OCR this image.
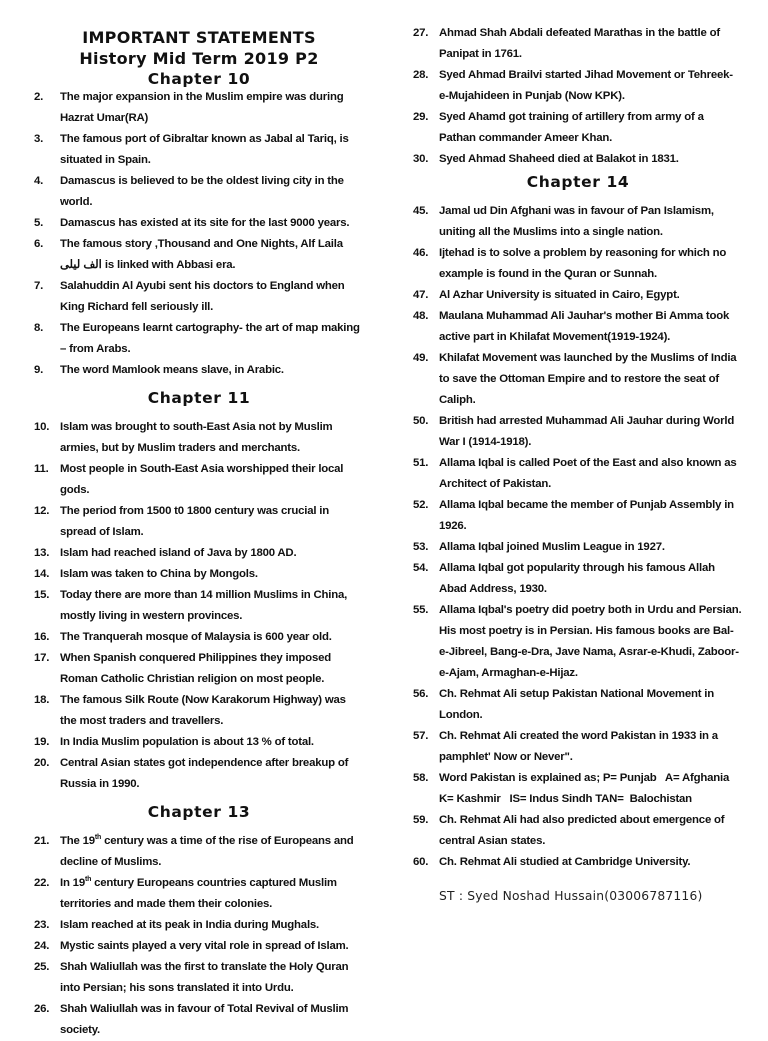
IMPORTANT STATEMENTS
History Mid Term 2019 P2
Chapter 10
2.	The major expansion in the Muslim empire was during Hazrat Umar(RA)
3.	The famous port of Gibraltar known as Jabal al Tariq, is situated in Spain.
4.	Damascus is believed to be the oldest living city in the world.
5.	Damascus has existed at its site for the last 9000 years.
6.	The famous story ,Thousand and One Nights, Alf Laila الف لیلی is linked with Abbasi era.
7.	Salahuddin Al Ayubi sent his doctors to England when King Richard fell seriously ill.
8.	The Europeans learnt cartography- the art of map making – from Arabs.
9.	The word Mamlook means slave, in Arabic.
Chapter 11
10. Islam was brought to south-East Asia not by Muslim armies, but by Muslim traders and merchants.
11. Most people in South-East Asia worshipped their local gods.
12. The period from 1500 t0 1800 century was crucial in spread of Islam.
13. Islam had reached island of Java by 1800 AD.
14. Islam was taken to China by Mongols.
15. Today there are more than 14 million Muslims in China, mostly living in western provinces.
16. The Tranquerah mosque of Malaysia is 600 year old.
17. When Spanish conquered Philippines they imposed Roman Catholic Christian religion on most people.
18. The famous Silk Route (Now Karakorum Highway) was the most traders and travellers.
19. In India Muslim population is about 13 % of total.
20. Central Asian states got independence after breakup of Russia in 1990.
Chapter 13
21. The 19th century was a time of the rise of Europeans and decline of Muslims.
22. In 19th century Europeans countries captured Muslim territories and made them their colonies.
23. Islam reached at its peak in India during Mughals.
24. Mystic saints played a very vital role in spread of Islam.
25. Shah Waliullah was the first to translate the Holy Quran into Persian; his sons translated it into Urdu.
26. Shah Waliullah was in favour of Total Revival of Muslim society.
27. Ahmad Shah Abdali defeated Marathas in the battle of Panipat in 1761.
28. Syed Ahmad Brailvi started Jihad Movement or Tehreek- e-Mujahideen in Punjab (Now KPK).
29. Syed Ahamd got training of artillery from army of a Pathan commander Ameer Khan.
30. Syed Ahmad Shaheed died at Balakot in 1831.
Chapter 14
45. Jamal ud Din Afghani was in favour of Pan Islamism, uniting all the Muslims into a single nation.
46. Ijtehad is to solve a problem by reasoning for which no example is found in the Quran or Sunnah.
47. Al Azhar University is situated in Cairo, Egypt.
48. Maulana Muhammad Ali Jauhar's mother Bi Amma took active part in Khilafat Movement(1919-1924).
49. Khilafat Movement was launched by the Muslims of India to save the Ottoman Empire and to restore the seat of Caliph.
50. British had arrested Muhammad Ali Jauhar during World War I (1914-1918).
51. Allama Iqbal is called Poet of the East and also known as Architect of Pakistan.
52. Allama Iqbal became the member of Punjab Assembly in 1926.
53. Allama Iqbal joined Muslim League in 1927.
54. Allama Iqbal got popularity through his famous Allah Abad Address, 1930.
55. Allama Iqbal's poetry did poetry both in Urdu and Persian. His most poetry is in Persian. His famous books are Bal-e-Jibreel, Bang-e-Dra, Jave Nama, Asrar-e-Khudi, Zaboor-e-Ajam, Armaghan-e-Hijaz.
56. Ch. Rehmat Ali setup Pakistan National Movement in London.
57. Ch. Rehmat Ali created the word Pakistan in 1933 in a pamphlet' Now or Never".
58. Word Pakistan is explained as; P= Punjab   A= Afghania   K= Kashmir   IS= Indus Sindh TAN=  Balochistan
59. Ch. Rehmat Ali had also predicted about emergence of central Asian states.
60. Ch. Rehmat Ali studied at Cambridge University.
ST : Syed Noshad Hussain(03006787116)
